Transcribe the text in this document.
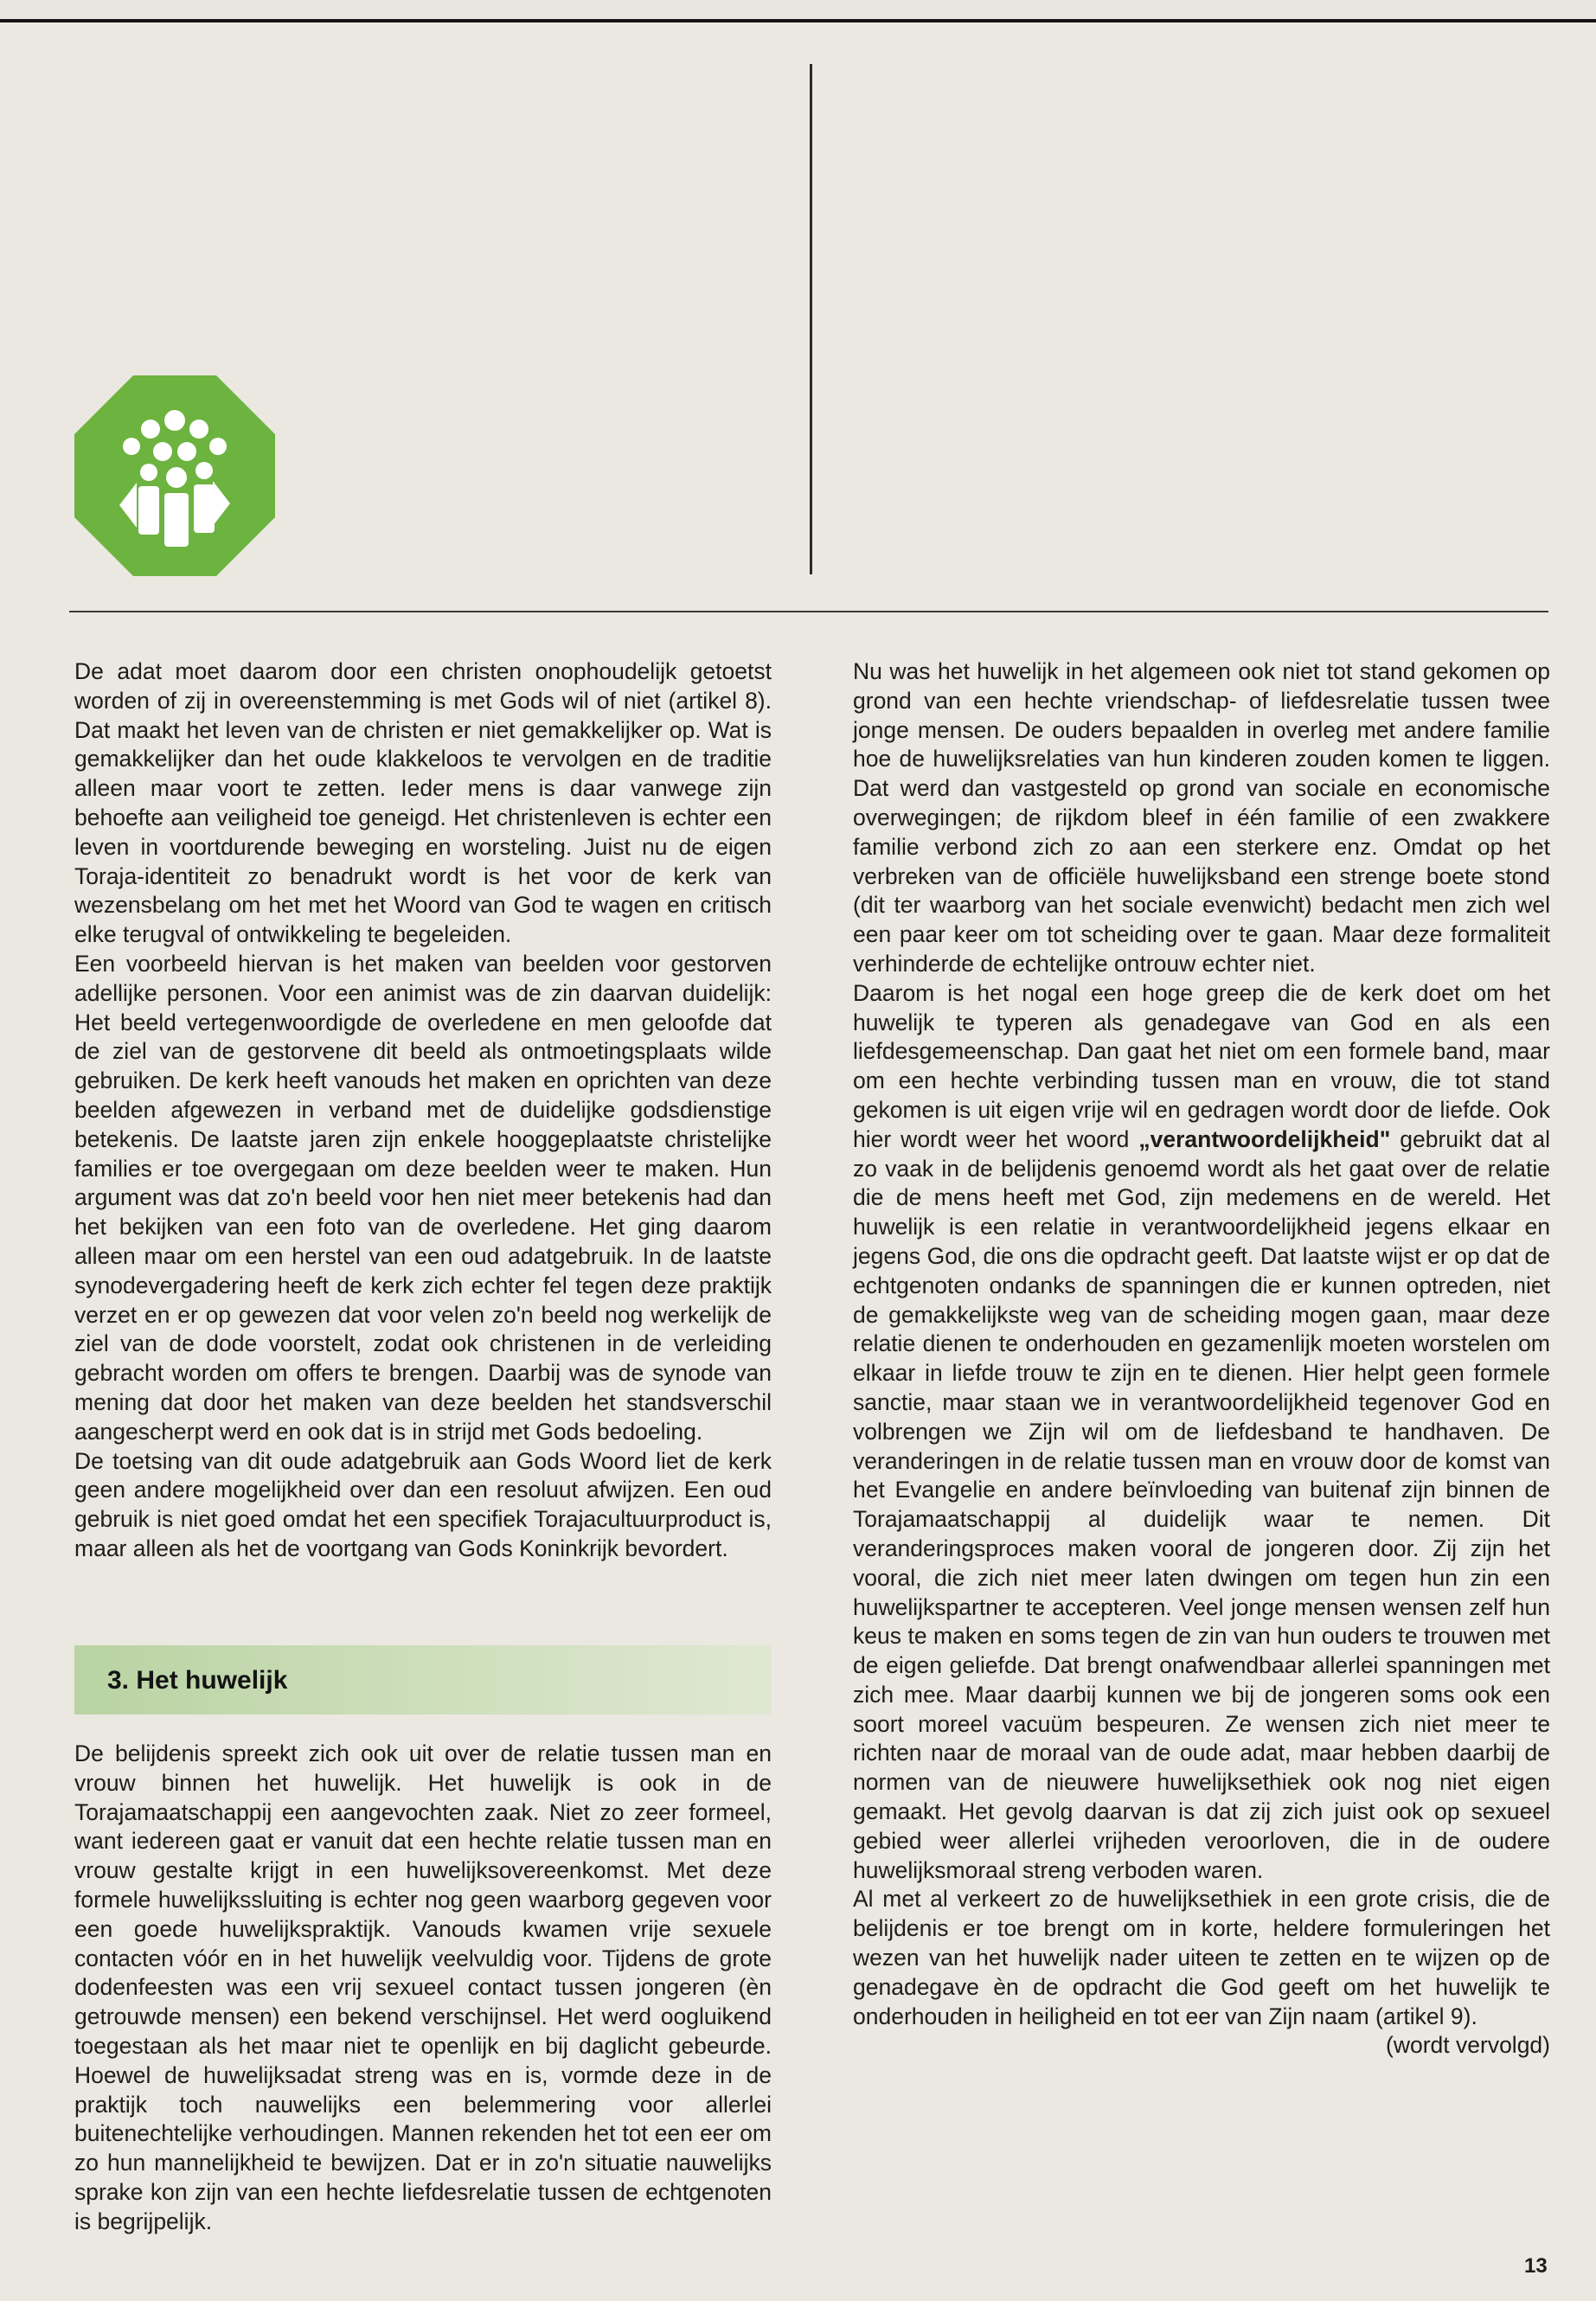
De adat moet daarom door een christen onophoudelijk getoetst worden of zij in overeenstemming is met Gods wil of niet (artikel 8). Dat maakt het leven van de christen er niet gemakkelijker op. Wat is gemakkelijker dan het oude klakkeloos te vervolgen en de traditie alleen maar voort te zetten. Ieder mens is daar vanwege zijn behoefte aan veiligheid toe geneigd. Het christenleven is echter een leven in voortdurende beweging en worsteling. Juist nu de eigen Toraja-identiteit zo benadrukt wordt is het voor de kerk van wezensbelang om het met het Woord van God te wagen en critisch elke terugval of ontwikkeling te begeleiden.

Een voorbeeld hiervan is het maken van beelden voor gestorven adellijke personen. Voor een animist was de zin daarvan duidelijk: Het beeld vertegenwoordigde de overledene en men geloofde dat de ziel van de gestorvene dit beeld als ontmoetingsplaats wilde gebruiken. De kerk heeft vanouds het maken en oprichten van deze beelden afgewezen in verband met de duidelijke godsdienstige betekenis. De laatste jaren zijn enkele hooggeplaatste christelijke families er toe overgegaan om deze beelden weer te maken. Hun argument was dat zo'n beeld voor hen niet meer betekenis had dan het bekijken van een foto van de overledene. Het ging daarom alleen maar om een herstel van een oud adatgebruik. In de laatste synodevergadering heeft de kerk zich echter fel tegen deze praktijk verzet en er op gewezen dat voor velen zo'n beeld nog werkelijk de ziel van de dode voorstelt, zodat ook christenen in de verleiding gebracht worden om offers te brengen. Daarbij was de synode van mening dat door het maken van deze beelden het standsverschil aangescherpt werd en ook dat is in strijd met Gods bedoeling.

De toetsing van dit oude adatgebruik aan Gods Woord liet de kerk geen andere mogelijkheid over dan een resoluut afwijzen. Een oud gebruik is niet goed omdat het een specifiek Torajacultuurproduct is, maar alleen als het de voortgang van Gods Koninkrijk bevordert.

3. Het huwelijk

De belijdenis spreekt zich ook uit over de relatie tussen man en vrouw binnen het huwelijk. Het huwelijk is ook in de Torajamaatschappij een aangevochten zaak. Niet zo zeer formeel, want iedereen gaat er vanuit dat een hechte relatie tussen man en vrouw gestalte krijgt in een huwelijksovereenkomst. Met deze formele huwelijkssluiting is echter nog geen waarborg gegeven voor een goede huwelijkspraktijk. Vanouds kwamen vrije sexuele contacten vóór en in het huwelijk veelvuldig voor. Tijdens de grote dodenfeesten was een vrij sexueel contact tussen jongeren (èn getrouwde mensen) een bekend verschijnsel. Het werd oogluikend toegestaan als het maar niet te openlijk en bij daglicht gebeurde. Hoewel de huwelijksadat streng was en is, vormde deze in de praktijk toch nauwelijks een belemmering voor allerlei buitenechtelijke verhoudingen. Mannen rekenden het tot een eer om zo hun mannelijkheid te bewijzen. Dat er in zo'n situatie nauwelijks sprake kon zijn van een hechte liefdesrelatie tussen de echtgenoten is begrijpelijk.

Nu was het huwelijk in het algemeen ook niet tot stand gekomen op grond van een hechte vriendschap- of liefdesrelatie tussen twee jonge mensen. De ouders bepaalden in overleg met andere familie hoe de huwelijksrelaties van hun kinderen zouden komen te liggen. Dat werd dan vastgesteld op grond van sociale en economische overwegingen; de rijkdom bleef in één familie of een zwakkere familie verbond zich zo aan een sterkere enz. Omdat op het verbreken van de officiële huwelijksband een strenge boete stond (dit ter waarborg van het sociale evenwicht) bedacht men zich wel een paar keer om tot scheiding over te gaan. Maar deze formaliteit verhinderde de echtelijke ontrouw echter niet.

Daarom is het nogal een hoge greep die de kerk doet om het huwelijk te typeren als genadegave van God en als een liefdesgemeenschap. Dan gaat het niet om een formele band, maar om een hechte verbinding tussen man en vrouw, die tot stand gekomen is uit eigen vrije wil en gedragen wordt door de liefde. Ook hier wordt weer het woord „verantwoordelijkheid" gebruikt dat al zo vaak in de belijdenis genoemd wordt als het gaat over de relatie die de mens heeft met God, zijn medemens en de wereld. Het huwelijk is een relatie in verantwoordelijkheid jegens elkaar en jegens God, die ons die opdracht geeft. Dat laatste wijst er op dat de echtgenoten ondanks de spanningen die er kunnen optreden, niet de gemakkelijkste weg van de scheiding mogen gaan, maar deze relatie dienen te onderhouden en gezamenlijk moeten worstelen om elkaar in liefde trouw te zijn en te dienen. Hier helpt geen formele sanctie, maar staan we in verantwoordelijkheid tegenover God en volbrengen we Zijn wil om de liefdesband te handhaven. De veranderingen in de relatie tussen man en vrouw door de komst van het Evangelie en andere beïnvloeding van buitenaf zijn binnen de Torajamaatschappij al duidelijk waar te nemen. Dit veranderingsproces maken vooral de jongeren door. Zij zijn het vooral, die zich niet meer laten dwingen om tegen hun zin een huwelijkspartner te accepteren. Veel jonge mensen wensen zelf hun keus te maken en soms tegen de zin van hun ouders te trouwen met de eigen geliefde. Dat brengt onafwendbaar allerlei spanningen met zich mee. Maar daarbij kunnen we bij de jongeren soms ook een soort moreel vacuüm bespeuren. Ze wensen zich niet meer te richten naar de moraal van de oude adat, maar hebben daarbij de normen van de nieuwere huwelijksethiek ook nog niet eigen gemaakt. Het gevolg daarvan is dat zij zich juist ook op sexueel gebied weer allerlei vrijheden veroorloven, die in de oudere huwelijksmoraal streng verboden waren.

Al met al verkeert zo de huwelijksethiek in een grote crisis, die de belijdenis er toe brengt om in korte, heldere formuleringen het wezen van het huwelijk nader uiteen te zetten en te wijzen op de genadegave èn de opdracht die God geeft om het huwelijk te onderhouden in heiligheid en tot eer van Zijn naam (artikel 9).

(wordt vervolgd)

13
